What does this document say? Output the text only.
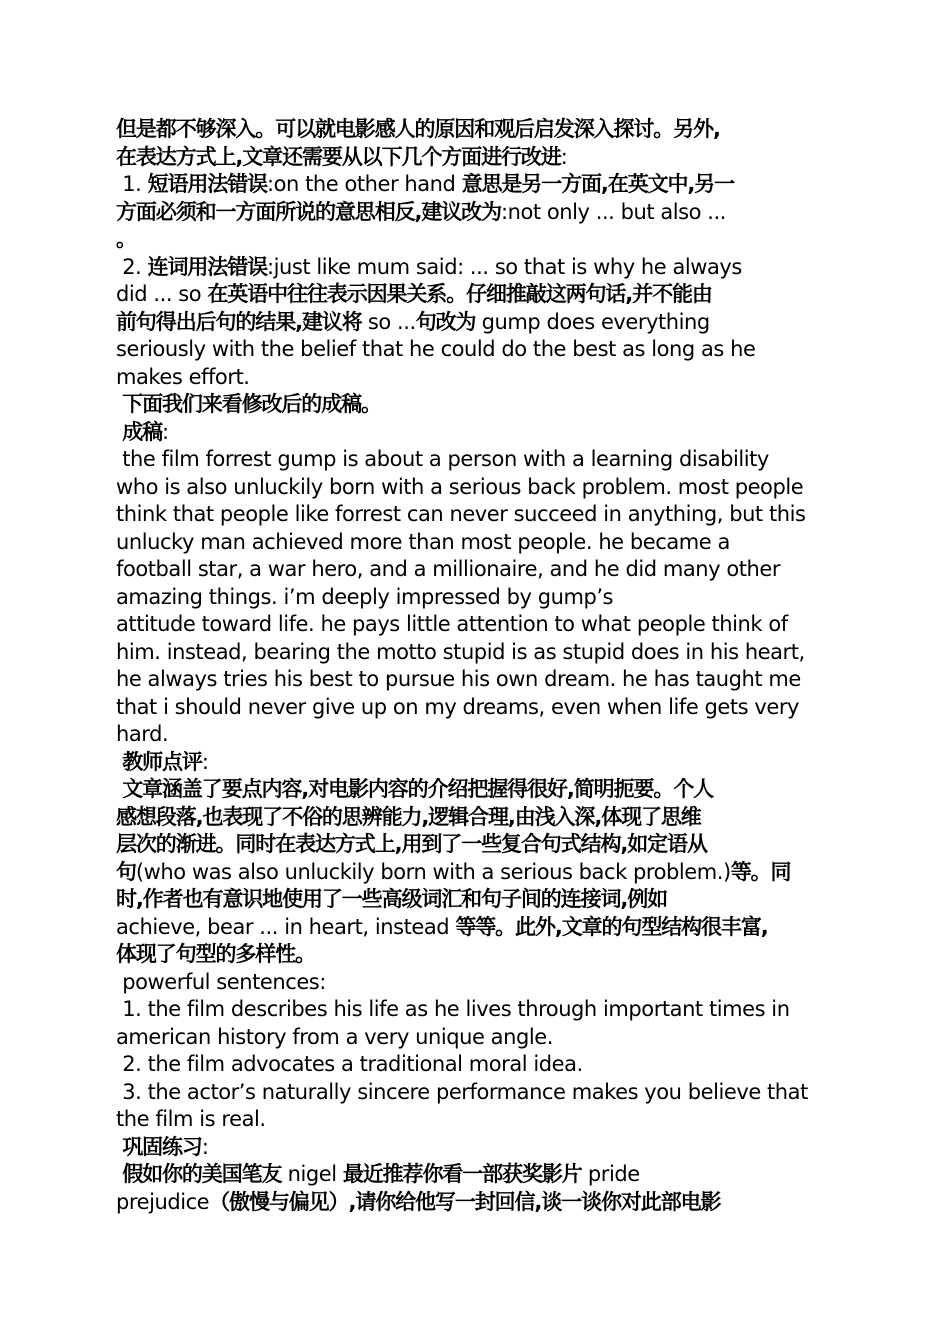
但是都不够深入。可以就电影感人的原因和观后启发深入探讨。另外,
在表达方式上,文章还需要从以下几个方面进行改进:
1. 短语用法错误:on the other hand 意思是另一方面,在英文中,另一
方面必须和一方面所说的意思相反,建议改为:not only ... but also ...
。
2. 连词用法错误:just like mum said: ... so that is why he always
did ... so 在英语中往往表示因果关系。仔细推敲这两句话,并不能由
前句得出后句的结果,建议将 so ...句改为 gump does everything
seriously with the belief that he could do the best as long as he
makes effort.
下面我们来看修改后的成稿。
成稿:
the film forrest gump is about a person with a learning disability
who is also unluckily born with a serious back problem. most people
think that people like forrest can never succeed in anything, but this
unlucky man achieved more than most people. he became a
football star, a war hero, and a millionaire, and he did many other
amazing things. i’m deeply impressed by gump’s
attitude toward life. he pays little attention to what people think of
him. instead, bearing the motto stupid is as stupid does in his heart,
he always tries his best to pursue his own dream. he has taught me
that i should never give up on my dreams, even when life gets very
hard.
教师点评:
文章涵盖了要点内容,对电影内容的介绍把握得很好,简明扼要。个人
感想段落,也表现了不俗的思辨能力,逻辑合理,由浅入深,体现了思维
层次的渐进。同时在表达方式上,用到了一些复合句式结构,如定语从
句(who was also unluckily born with a serious back problem.)等。同
时,作者也有意识地使用了一些高级词汇和句子间的连接词,例如
achieve, bear ... in heart, instead 等等。此外,文章的句型结构很丰富,
体现了句型的多样性。
powerful sentences:
1. the film describes his life as he lives through important times in
american history from a very unique angle.
2. the film advocates a traditional moral idea.
3. the actor’s naturally sincere performance makes you believe that
the film is real.
巩固练习:
假如你的美国笔友 nigel 最近推荐你看一部获奖影片 pride
prejudice（傲慢与偏见）,请你给他写一封回信,谈一谈你对此部电影
